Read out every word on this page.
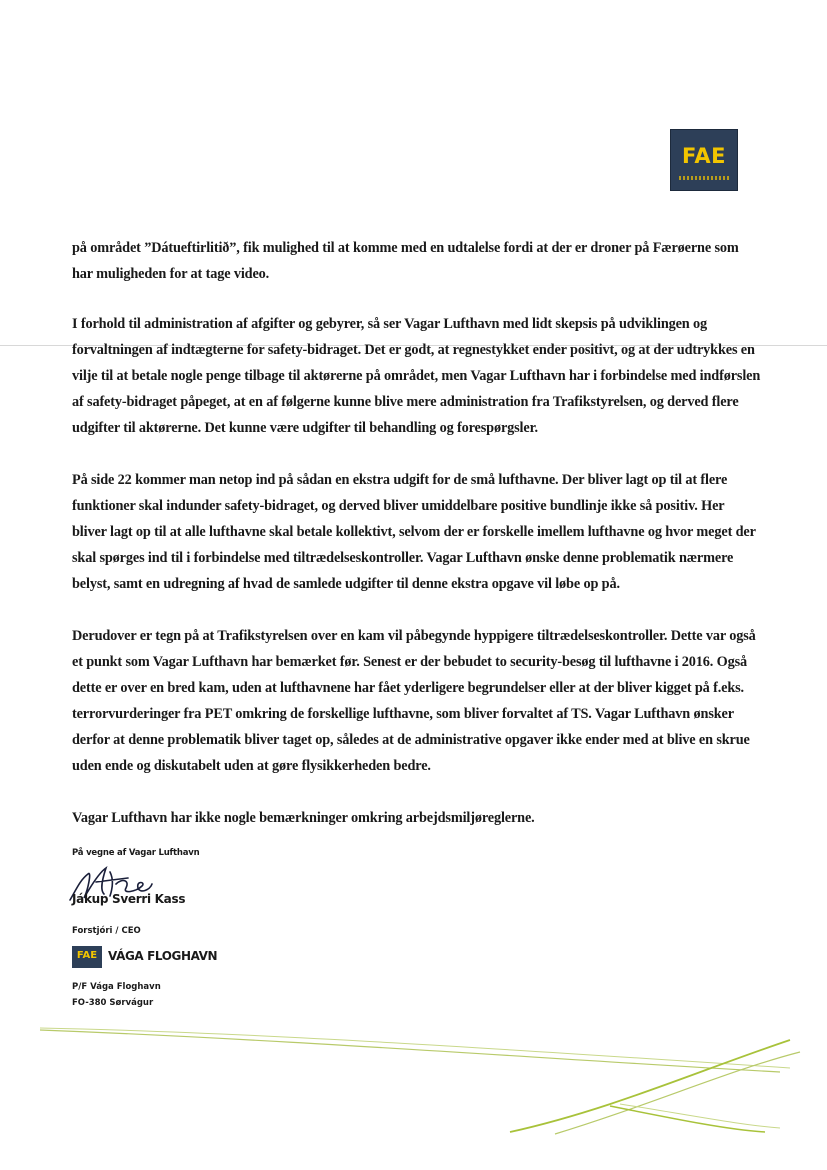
FAE

på området ”Dátueftirlitið”, fik mulighed til at komme med en udtalelse fordi at der er droner på Færøerne som har muligheden for at tage video.

I forhold til administration af afgifter og gebyrer, så ser Vagar Lufthavn med lidt skepsis på udviklingen og forvaltningen af indtægterne for safety-bidraget. Det er godt, at regnestykket ender positivt, og at der udtrykkes en vilje til at betale nogle penge tilbage til aktørerne på området, men Vagar Lufthavn har i forbindelse med indførslen af safety-bidraget påpeget, at en af følgerne kunne blive mere administration fra Trafikstyrelsen, og derved flere udgifter til aktørerne. Det kunne være udgifter til behandling og forespørgsler.

På side 22 kommer man netop ind på sådan en ekstra udgift for de små lufthavne. Der bliver lagt op til at flere funktioner skal indunder safety-bidraget, og derved bliver umiddelbare positive bundlinje ikke så positiv. Her bliver lagt op til at alle lufthavne skal betale kollektivt, selvom der er forskelle imellem lufthavne og hvor meget der skal spørges ind til i forbindelse med tiltrædelseskontroller. Vagar Lufthavn ønske denne problematik nærmere belyst, samt en udregning af hvad de samlede udgifter til denne ekstra opgave vil løbe op på.

Derudover er tegn på at Trafikstyrelsen over en kam vil påbegynde hyppigere tiltrædelseskontroller. Dette var også et punkt som Vagar Lufthavn har bemærket før. Senest er der bebudet to security-besøg til lufthavne i 2016. Også dette er over en bred kam, uden at lufthavnene har fået yderligere begrundelser eller at der bliver kigget på f.eks. terrorvurderinger fra PET omkring de forskellige lufthavne, som bliver forvaltet af TS. Vagar Lufthavn ønsker derfor at denne problematik bliver taget op, således at de administrative opgaver ikke ender med at blive en skrue uden ende og diskutabelt uden at gøre flysikkerheden bedre.

Vagar Lufthavn har ikke nogle bemærkninger omkring arbejdsmiljøreglerne.

På vegne af Vagar Lufthavn
Jákup Sverri Kass
Forstjóri / CEO
FAE VÁGA FLOGHAVN
P/F Vága Floghavn
FO-380 Sørvágur
